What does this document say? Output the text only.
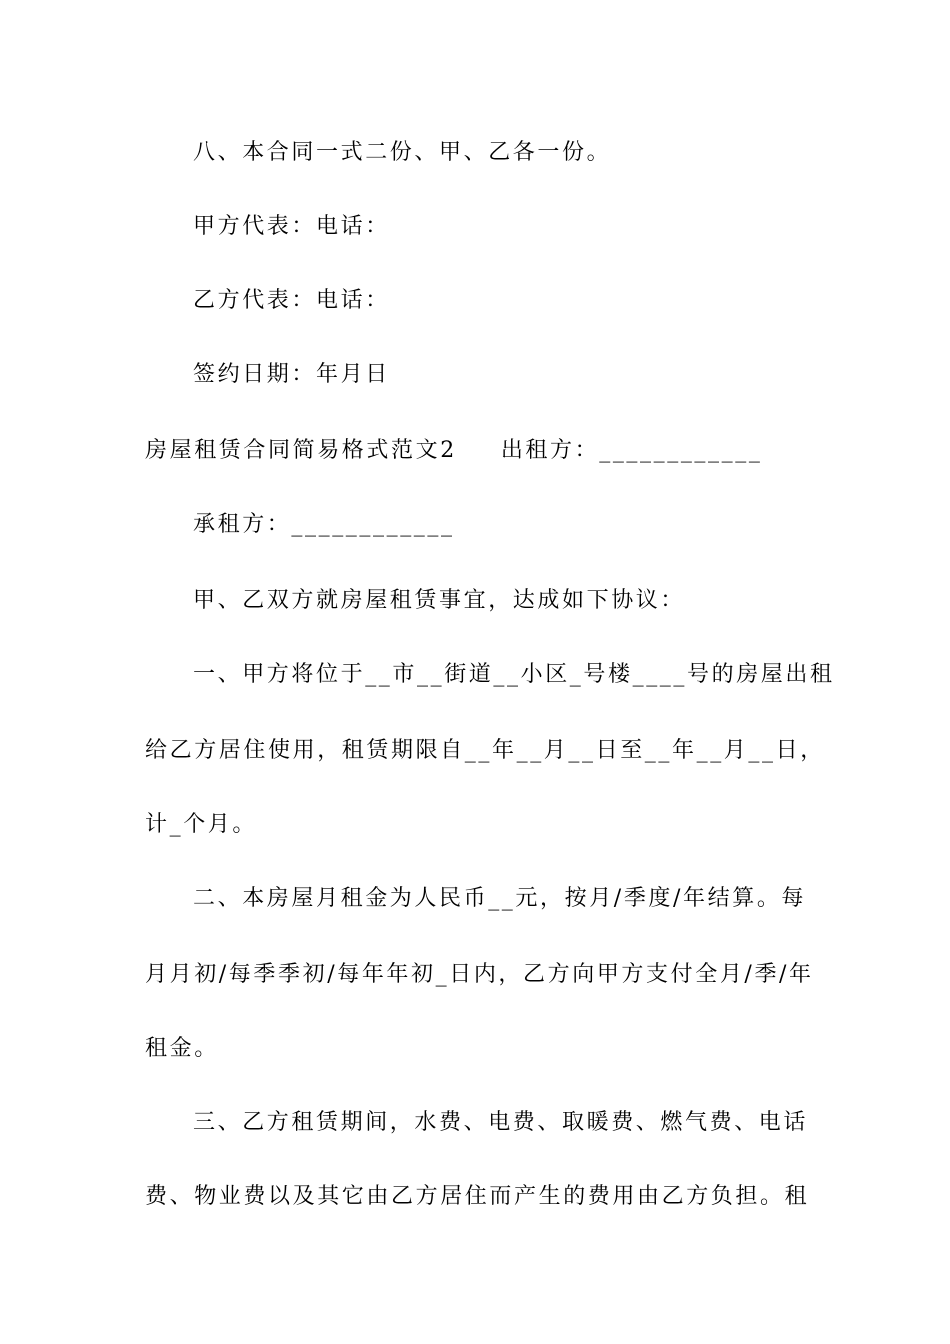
八、本合同一式二份、甲、乙各一份。
甲方代表：电话：
乙方代表：电话：
签约日期：年月日
房屋租赁合同简易格式范文2 出租方：____________
承租方：____________
甲、乙双方就房屋租赁事宜，达成如下协议：
一、甲方将位于__市__街道__小区_号楼____号的房屋出租
给乙方居住使用，租赁期限自__年__月__日至__年__月__日，
计_个月。
二、本房屋月租金为人民币__元，按月/季度/年结算。每
月月初/每季季初/每年年初_日内，乙方向甲方支付全月/季/年
租金。
三、乙方租赁期间，水费、电费、取暖费、燃气费、电话
费、物业费以及其它由乙方居住而产生的费用由乙方负担。租
